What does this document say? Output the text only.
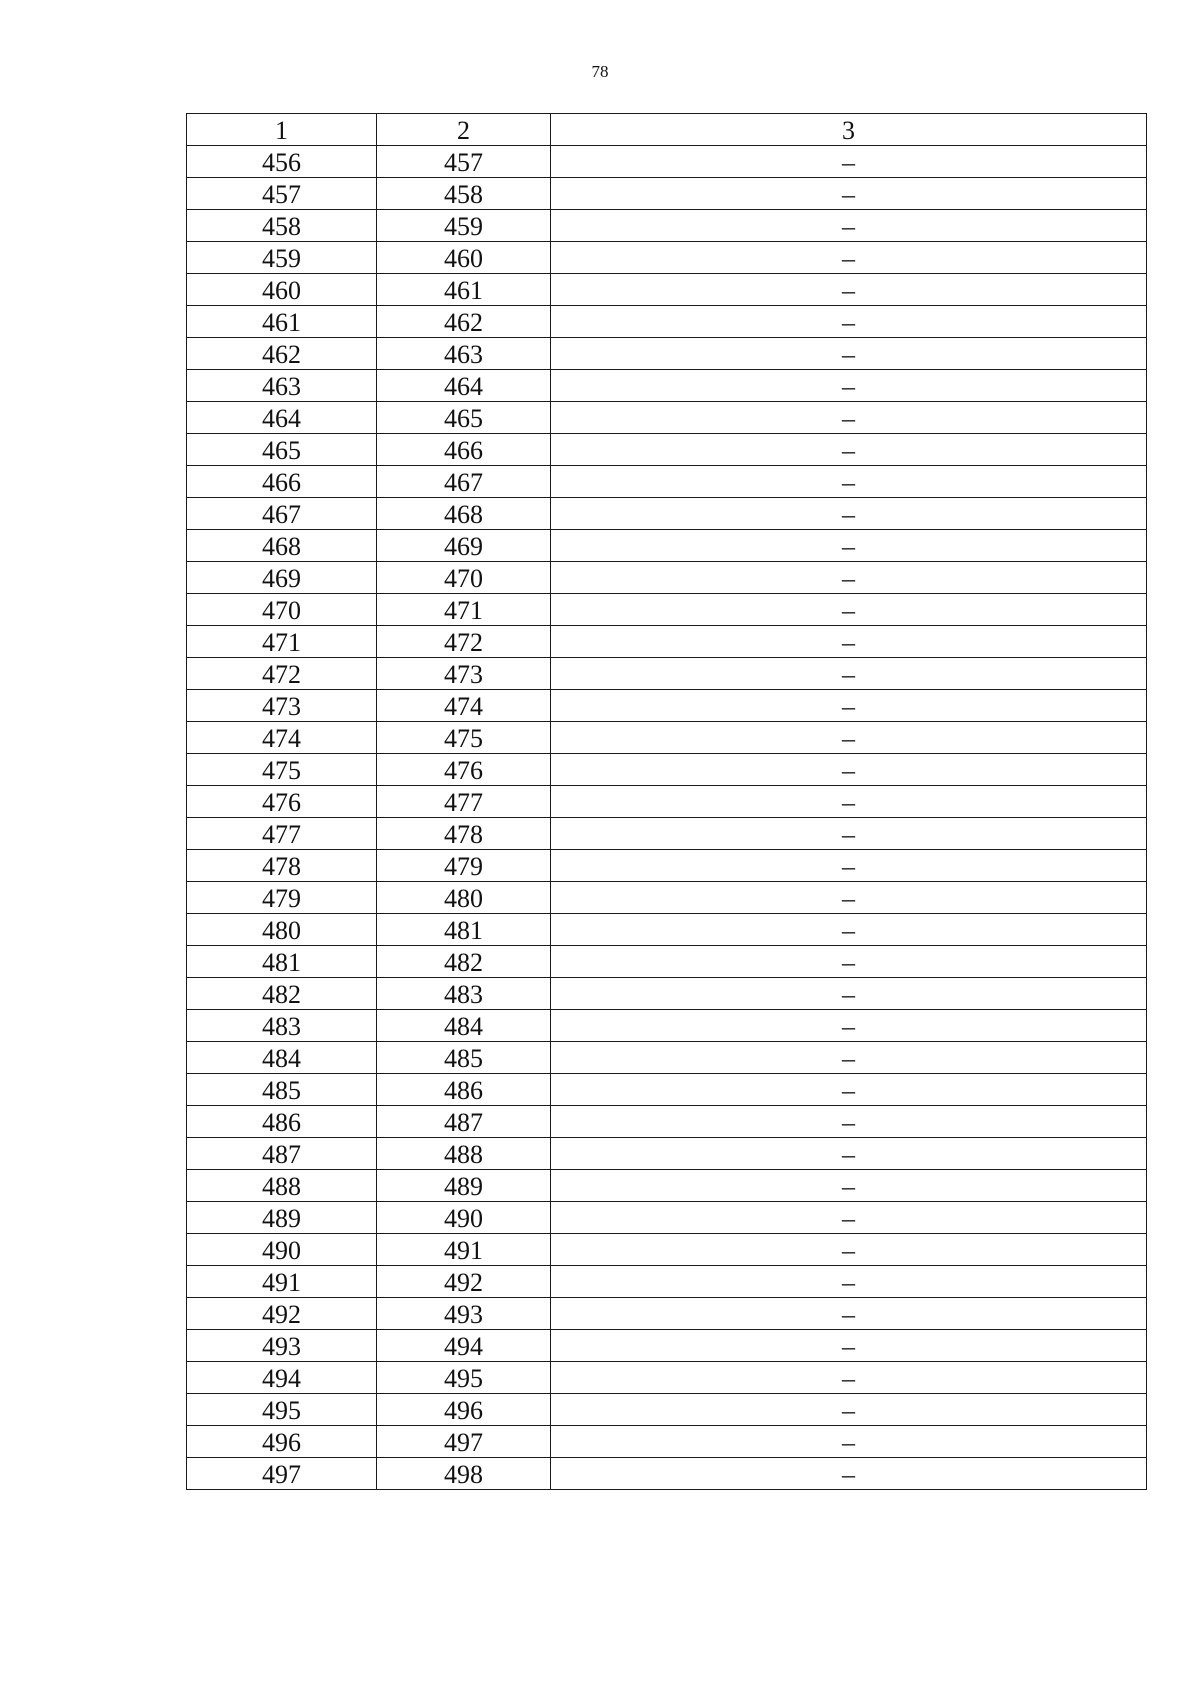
78
1	2	3
456	457	–
457	458	–
458	459	–
459	460	–
460	461	–
461	462	–
462	463	–
463	464	–
464	465	–
465	466	–
466	467	–
467	468	–
468	469	–
469	470	–
470	471	–
471	472	–
472	473	–
473	474	–
474	475	–
475	476	–
476	477	–
477	478	–
478	479	–
479	480	–
480	481	–
481	482	–
482	483	–
483	484	–
484	485	–
485	486	–
486	487	–
487	488	–
488	489	–
489	490	–
490	491	–
491	492	–
492	493	–
493	494	–
494	495	–
495	496	–
496	497	–
497	498	–
